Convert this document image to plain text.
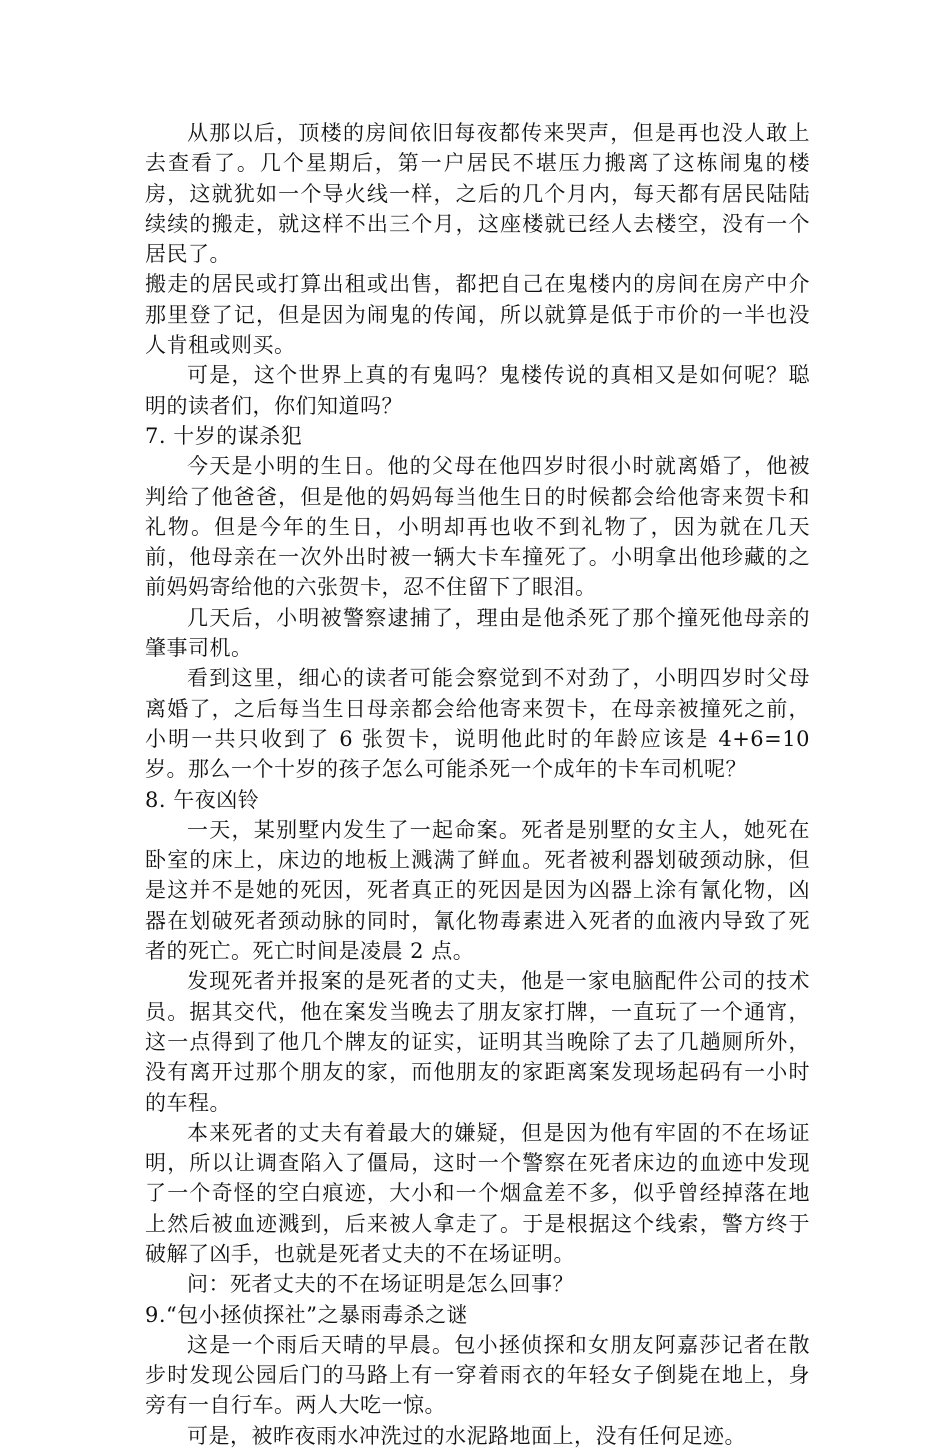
从那以后，顶楼的房间依旧每夜都传来哭声，但是再也没人敢上去查看了。几个星期后，第一户居民不堪压力搬离了这栋闹鬼的楼房，这就犹如一个导火线一样，之后的几个月内，每天都有居民陆陆续续的搬走，就这样不出三个月，这座楼就已经人去楼空，没有一个居民了。

搬走的居民或打算出租或出售，都把自己在鬼楼内的房间在房产中介那里登了记，但是因为闹鬼的传闻，所以就算是低于市价的一半也没人肯租或则买。

可是，这个世界上真的有鬼吗？鬼楼传说的真相又是如何呢？聪明的读者们，你们知道吗？

7. 十岁的谋杀犯

今天是小明的生日。他的父母在他四岁时很小时就离婚了，他被判给了他爸爸，但是他的妈妈每当他生日的时候都会给他寄来贺卡和礼物。但是今年的生日，小明却再也收不到礼物了，因为就在几天前，他母亲在一次外出时被一辆大卡车撞死了。小明拿出他珍藏的之前妈妈寄给他的六张贺卡，忍不住留下了眼泪。

几天后，小明被警察逮捕了，理由是他杀死了那个撞死他母亲的肇事司机。

看到这里，细心的读者可能会察觉到不对劲了，小明四岁时父母离婚了，之后每当生日母亲都会给他寄来贺卡，在母亲被撞死之前，小明一共只收到了 6 张贺卡，说明他此时的年龄应该是 4+6=10 岁。那么一个十岁的孩子怎么可能杀死一个成年的卡车司机呢？

8. 午夜凶铃

一天，某别墅内发生了一起命案。死者是别墅的女主人，她死在卧室的床上，床边的地板上溅满了鲜血。死者被利器划破颈动脉，但是这并不是她的死因，死者真正的死因是因为凶器上涂有氰化物，凶器在划破死者颈动脉的同时，氰化物毒素进入死者的血液内导致了死者的死亡。死亡时间是凌晨 2 点。

发现死者并报案的是死者的丈夫，他是一家电脑配件公司的技术员。据其交代，他在案发当晚去了朋友家打牌，一直玩了一个通宵，这一点得到了他几个牌友的证实，证明其当晚除了去了几趟厕所外，没有离开过那个朋友的家，而他朋友的家距离案发现场起码有一小时的车程。

本来死者的丈夫有着最大的嫌疑，但是因为他有牢固的不在场证明，所以让调查陷入了僵局，这时一个警察在死者床边的血迹中发现了一个奇怪的空白痕迹，大小和一个烟盒差不多，似乎曾经掉落在地上然后被血迹溅到，后来被人拿走了。于是根据这个线索，警方终于破解了凶手，也就是死者丈夫的不在场证明。

问：死者丈夫的不在场证明是怎么回事？

9.“包小拯侦探社”之暴雨毒杀之谜

这是一个雨后天晴的早晨。包小拯侦探和女朋友阿嘉莎记者在散步时发现公园后门的马路上有一穿着雨衣的年轻女子倒毙在地上，身旁有一自行车。两人大吃一惊。

可是，被昨夜雨水冲洗过的水泥路地面上，没有任何足迹。
